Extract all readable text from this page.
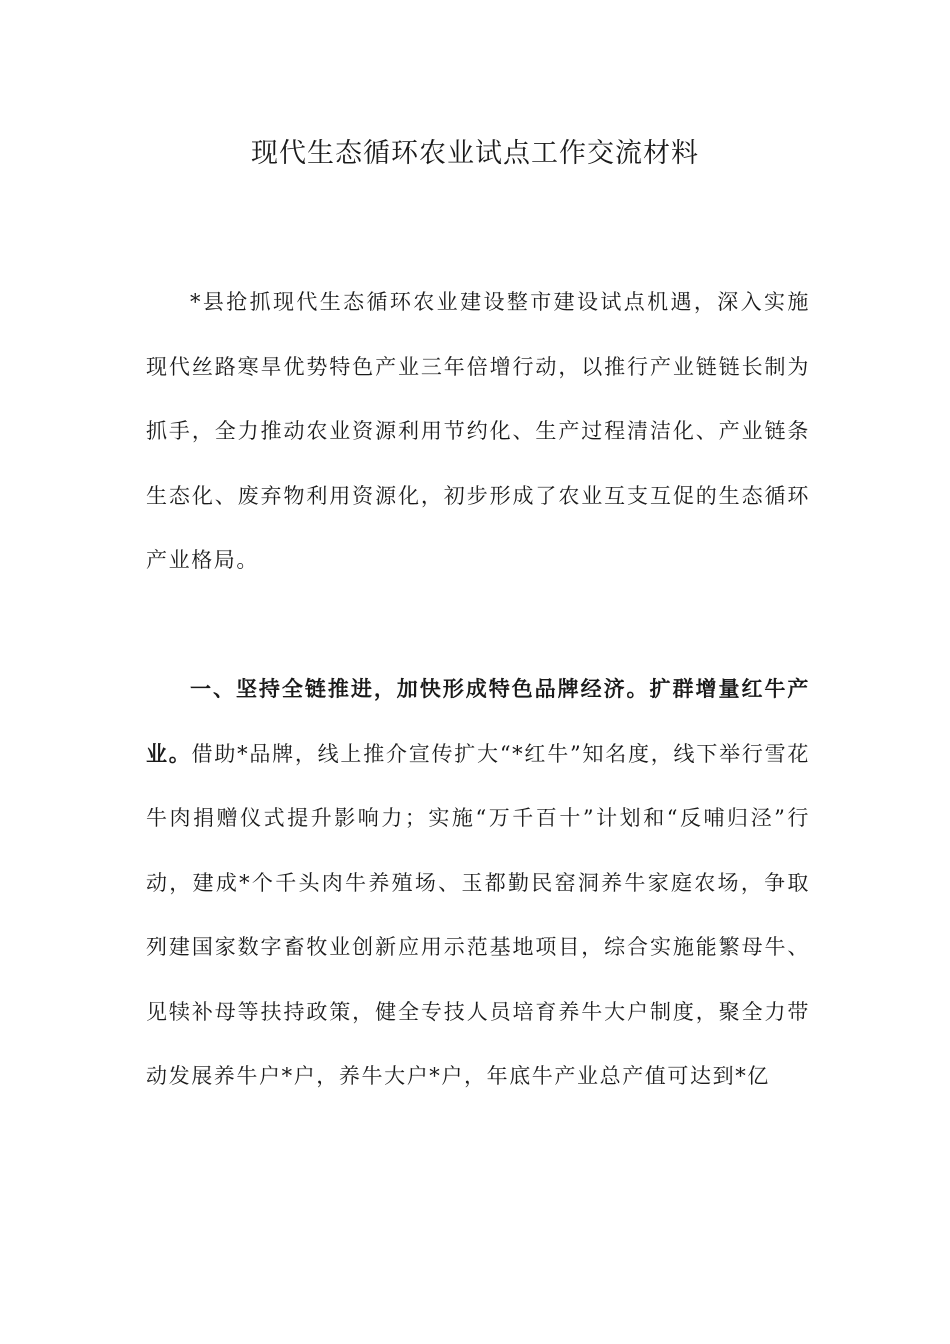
现代生态循环农业试点工作交流材料

*县抢抓现代生态循环农业建设整市建设试点机遇，深入实施现代丝路寒旱优势特色产业三年倍增行动，以推行产业链链长制为抓手，全力推动农业资源利用节约化、生产过程清洁化、产业链条生态化、废弃物利用资源化，初步形成了农业互支互促的生态循环产业格局。

一、坚持全链推进，加快形成特色品牌经济。扩群增量红牛产业。借助*品牌，线上推介宣传扩大“*红牛”知名度，线下举行雪花牛肉捐赠仪式提升影响力；实施“万千百十”计划和“反哺归泾”行动，建成*个千头肉牛养殖场、玉都勤民窑洞养牛家庭农场，争取列建国家数字畜牧业创新应用示范基地项目，综合实施能繁母牛、见犊补母等扶持政策，健全专技人员培育养牛大户制度，聚全力带动发展养牛户*户，养牛大户*户，年底牛产业总产值可达到*亿
